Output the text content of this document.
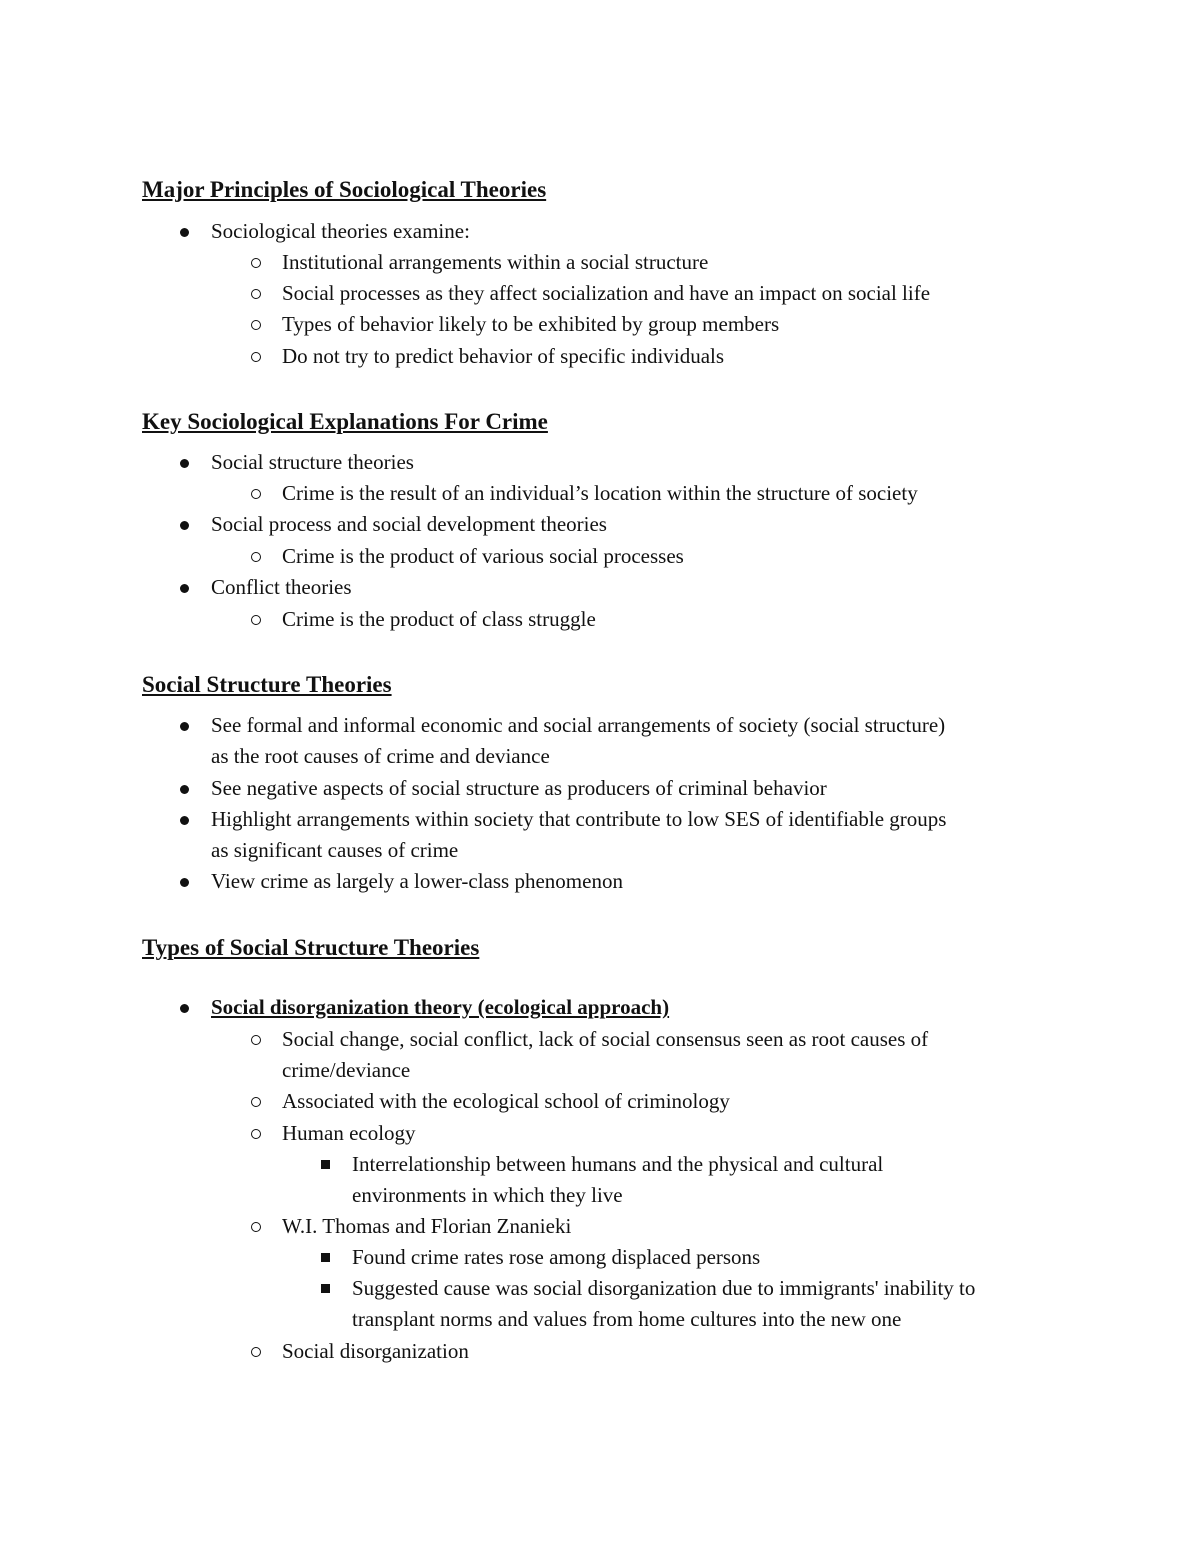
Major Principles of Sociological Theories
Sociological theories examine:
Institutional arrangements within a social structure
Social processes as they affect socialization and have an impact on social life
Types of behavior likely to be exhibited by group members
Do not try to predict behavior of specific individuals
Key Sociological Explanations For Crime
Social structure theories
Crime is the result of an individual’s location within the structure of society
Social process and social development theories
Crime is the product of various social processes
Conflict theories
Crime is the product of class struggle
Social Structure Theories
See formal and informal economic and social arrangements of society (social structure)
as the root causes of crime and deviance
See negative aspects of social structure as producers of criminal behavior
Highlight arrangements within society that contribute to low SES of identifiable groups
as significant causes of crime
View crime as largely a lower-class phenomenon
Types of Social Structure Theories
Social disorganization theory (ecological approach)
Social change, social conflict, lack of social consensus seen as root causes of
crime/deviance
Associated with the ecological school of criminology
Human ecology
Interrelationship between humans and the physical and cultural
environments in which they live
W.I. Thomas and Florian Znanieki
Found crime rates rose among displaced persons
Suggested cause was social disorganization due to immigrants' inability to
transplant norms and values from home cultures into the new one
Social disorganization
